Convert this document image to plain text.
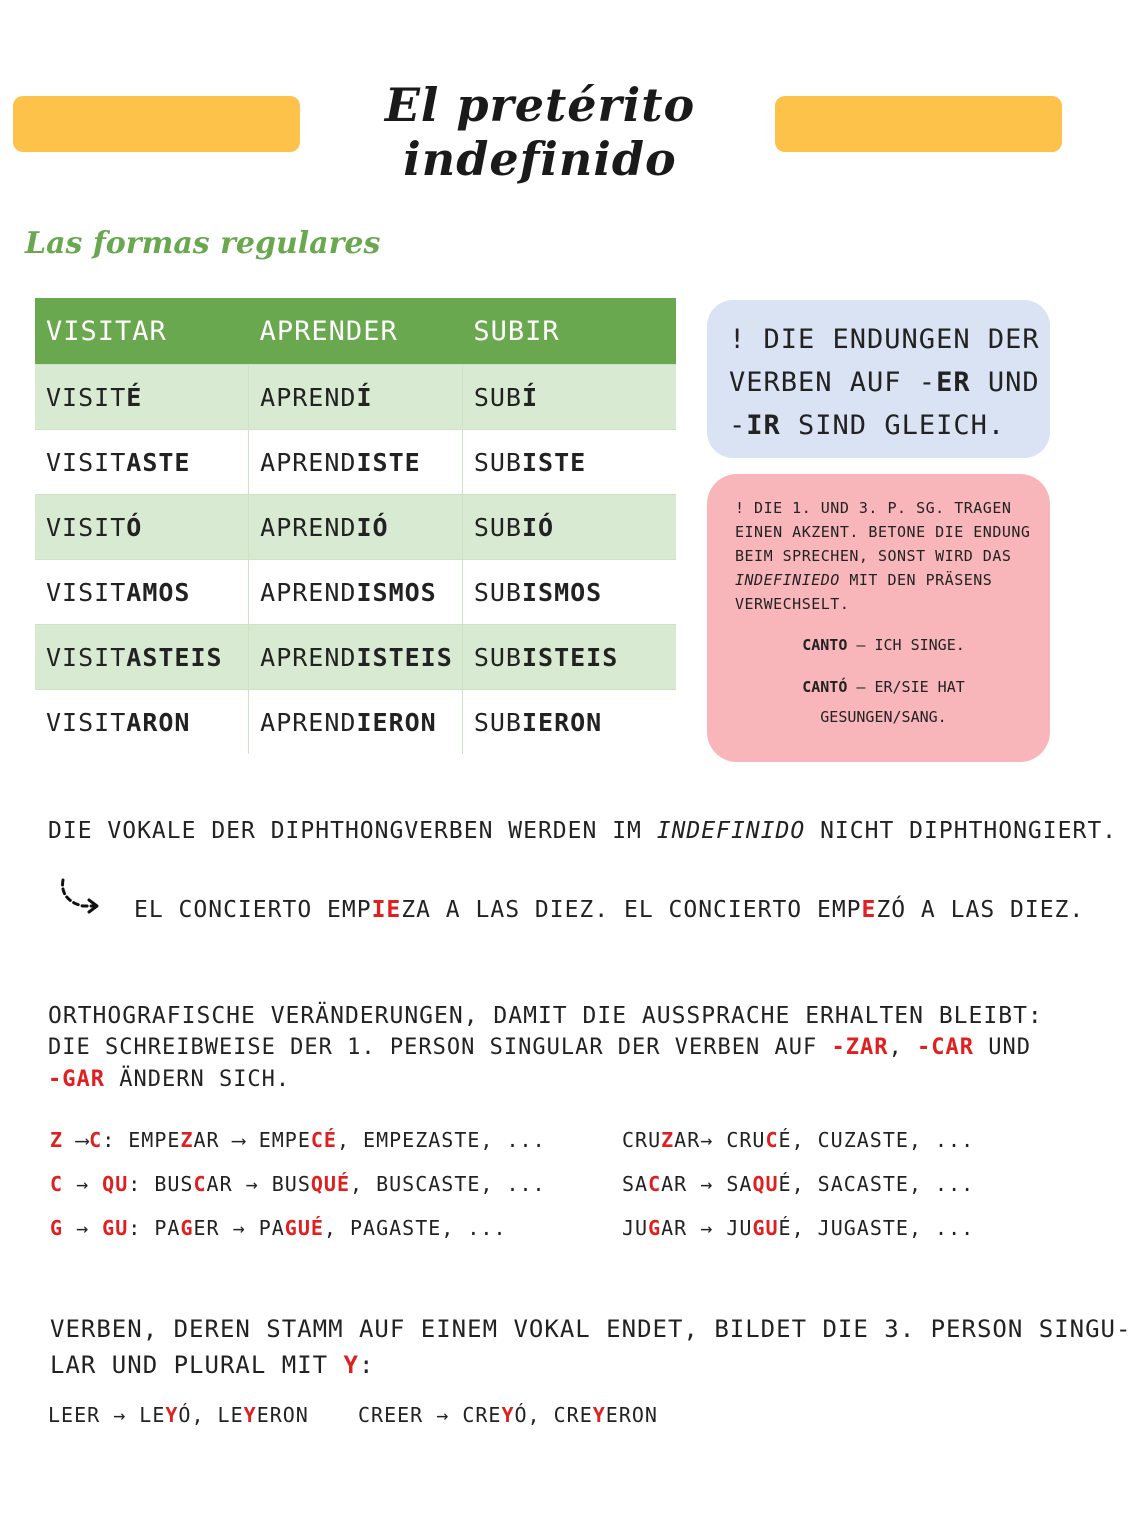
El pretérito indefinido
Las formas regulares
VISITAR	APRENDER	SUBIR
VISITÉ	APRENDÍ	SUBÍ
VISITASTE	APRENDISTE	SUBISTE
VISITÓ	APRENDIÓ	SUBIÓ
VISITAMOS	APRENDISMOS	SUBISMOS
VISITASTEIS	APRENDISTEIS	SUBISTEIS
VISITARON	APRENDIERON	SUBIERON
! DIE ENDUNGEN DER
VERBEN AUF -ER UND
-IR SIND GLEICH.
! DIE 1. UND 3. P. SG. TRAGEN EINEN AKZENT. BETONE DIE ENDUNG BEIM SPRECHEN, SONST WIRD DAS INDEFINIEDO MIT DEN PRÄSENS VERWECHSELT.
CANTO — ICH SINGE.
CANTÓ — ER/SIE HAT GESUNGEN/SANG.
DIE VOKALE DER DIPHTHONGVERBEN WERDEN IM INDEFINIDO NICHT DIPHTHONGIERT.
EL CONCIERTO EMPIEZA A LAS DIEZ. EL CONCIERTO EMPEZÓ A LAS DIEZ.
ORTHOGRAFISCHE VERÄNDERUNGEN, DAMIT DIE AUSSPRACHE ERHALTEN BLEIBT:
DIE SCHREIBWEISE DER 1. PERSON SINGULAR DER VERBEN AUF -ZAR, -CAR UND
-GAR ÄNDERN SICH.
Z ⟶C: EMPEZAR ⟶ EMPECÉ, EMPEZASTE, ...
C → QU: BUSCAR → BUSQUÉ, BUSCASTE, ...
G → GU: PAGER → PAGUÉ, PAGASTE, ...
CRUZAR→ CRUCÉ, CUZASTE, ...
SACAR → SAQUÉ, SACASTE, ...
JUGAR → JUGUÉ, JUGASTE, ...
VERBEN, DEREN STAMM AUF EINEM VOKAL ENDET, BILDET DIE 3. PERSON SINGU-
LAR UND PLURAL MIT Y:
LEER → LEYÓ, LEYERON CREER → CREYÓ, CREYERON
